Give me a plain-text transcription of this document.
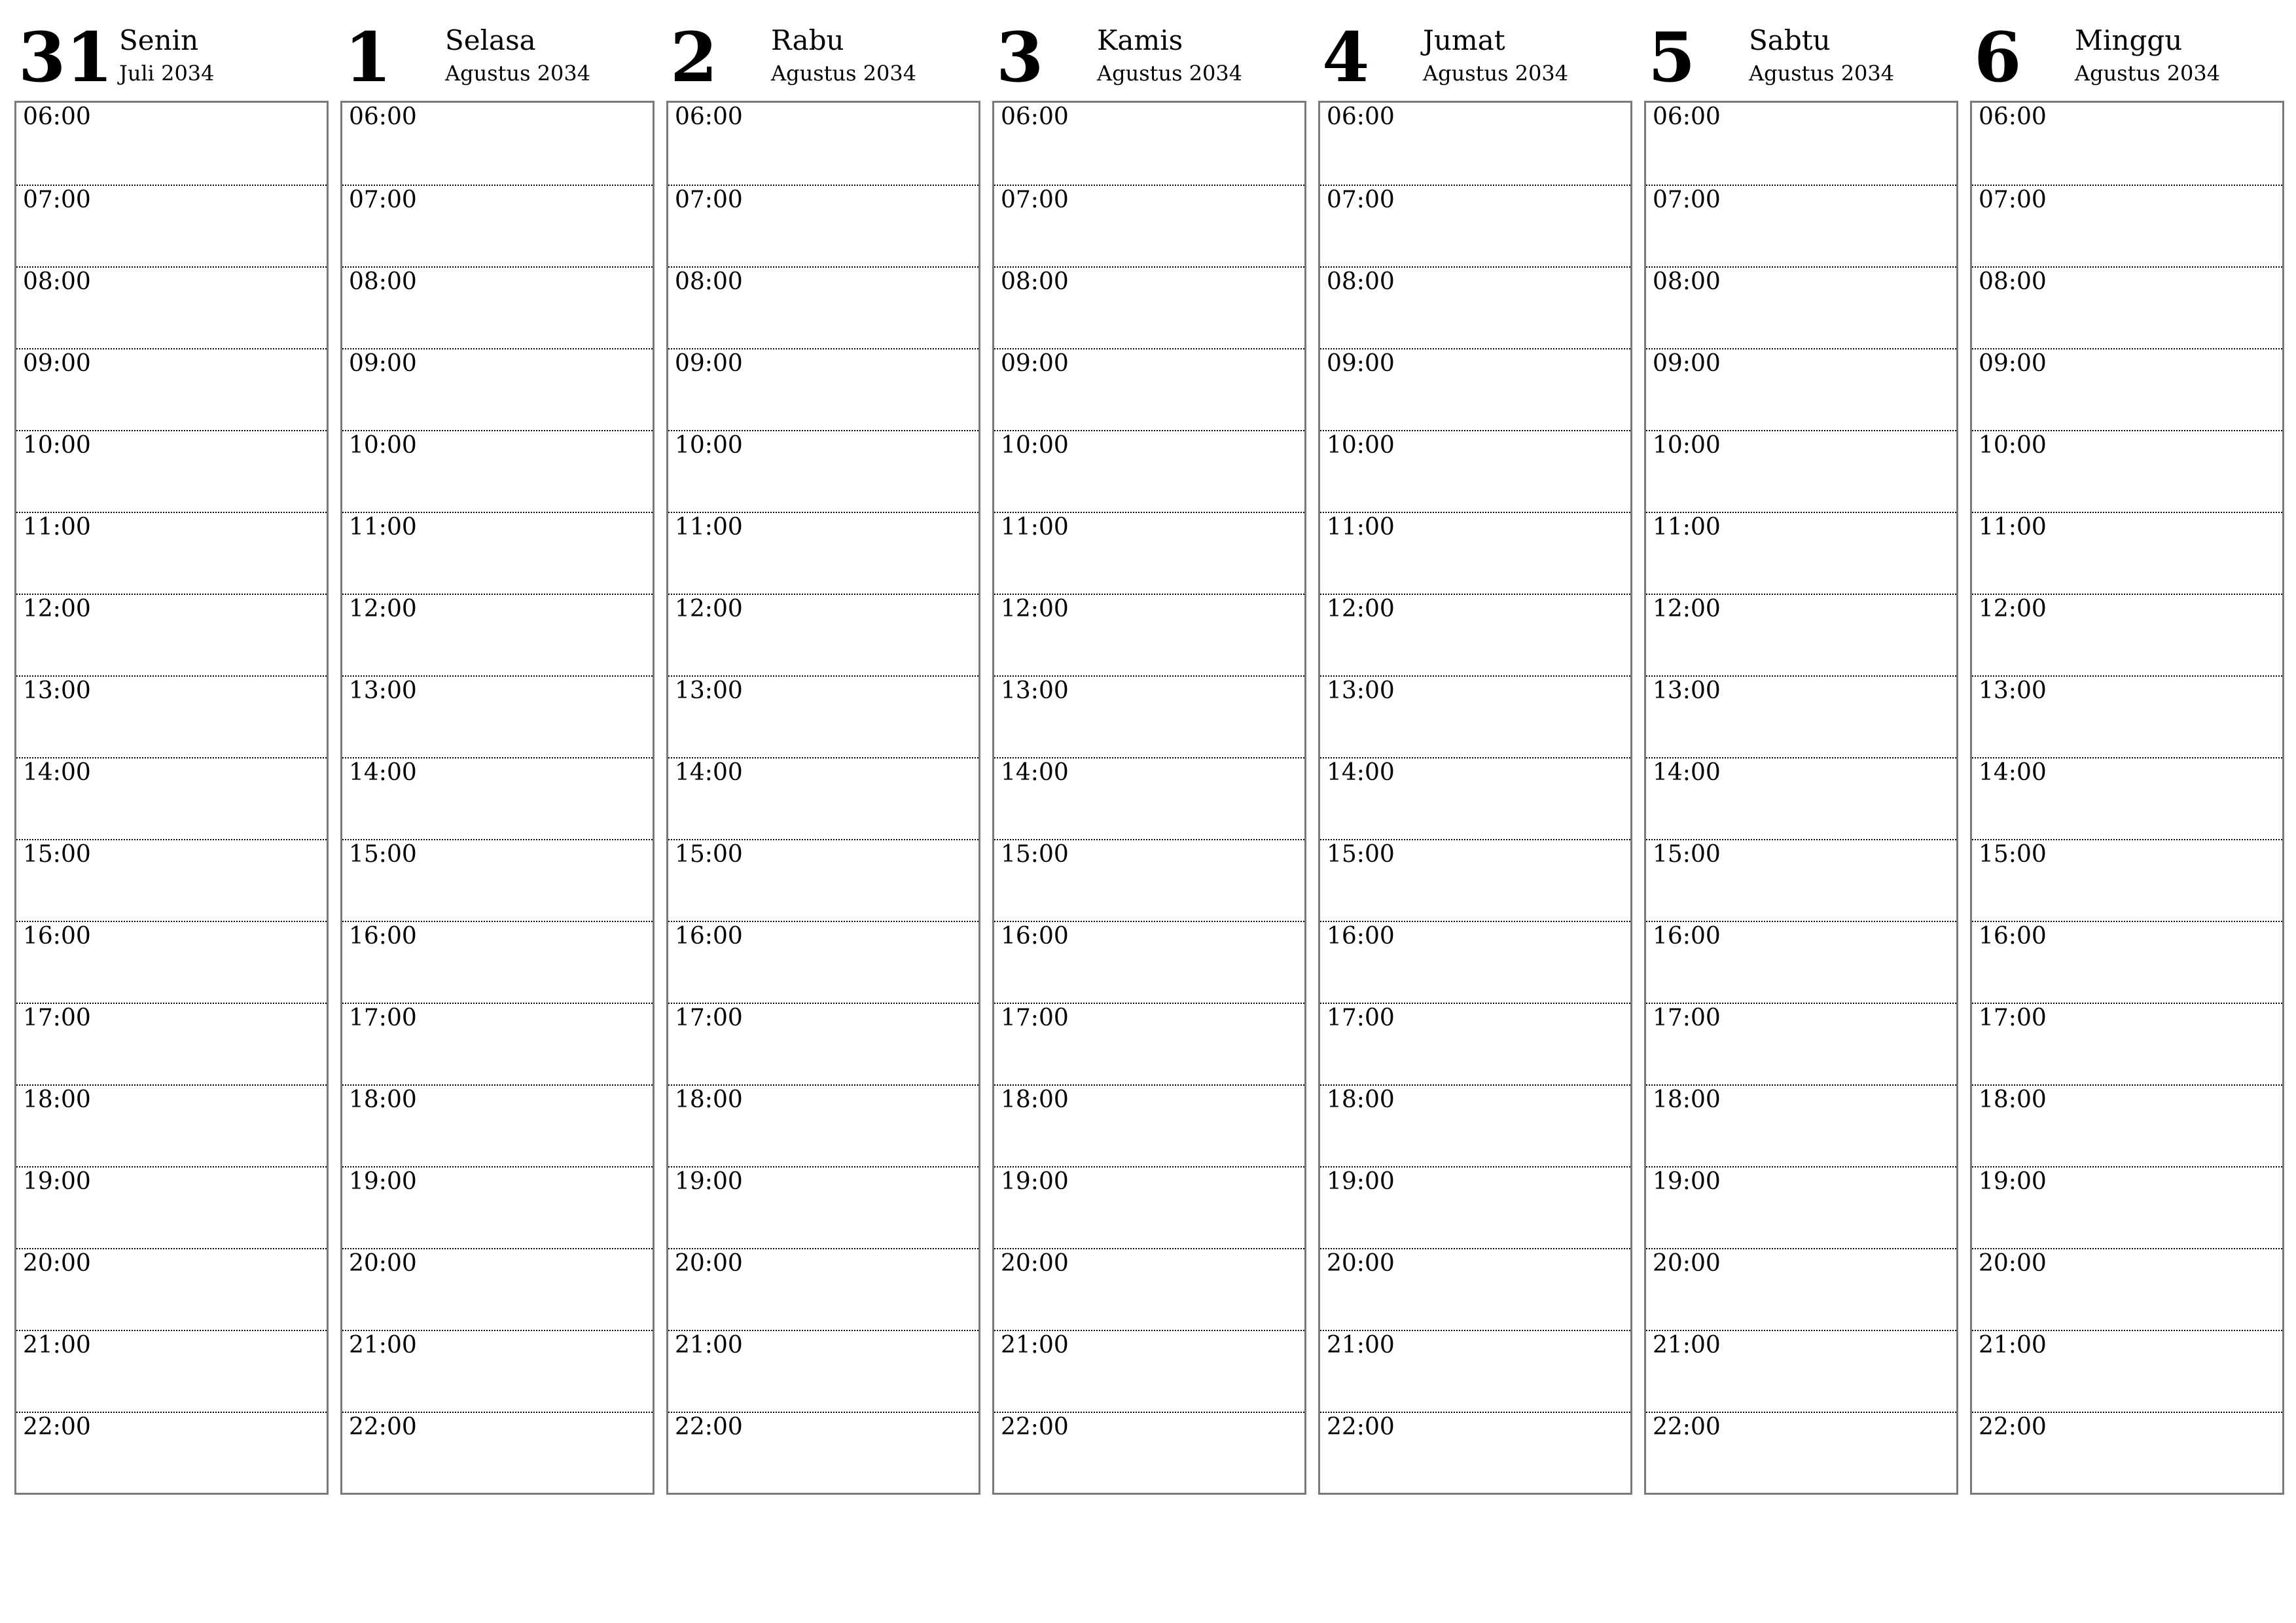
31 Senin
Juli 2034
06:00
07:00
08:00
09:00
10:00
11:00
12:00
13:00
14:00
15:00
16:00
17:00
18:00
19:00
20:00
21:00
22:00
1 Selasa
Agustus 2034
06:00
07:00
08:00
09:00
10:00
11:00
12:00
13:00
14:00
15:00
16:00
17:00
18:00
19:00
20:00
21:00
22:00
2 Rabu
Agustus 2034
06:00
07:00
08:00
09:00
10:00
11:00
12:00
13:00
14:00
15:00
16:00
17:00
18:00
19:00
20:00
21:00
22:00
3 Kamis
Agustus 2034
06:00
07:00
08:00
09:00
10:00
11:00
12:00
13:00
14:00
15:00
16:00
17:00
18:00
19:00
20:00
21:00
22:00
4 Jumat
Agustus 2034
06:00
07:00
08:00
09:00
10:00
11:00
12:00
13:00
14:00
15:00
16:00
17:00
18:00
19:00
20:00
21:00
22:00
5 Sabtu
Agustus 2034
06:00
07:00
08:00
09:00
10:00
11:00
12:00
13:00
14:00
15:00
16:00
17:00
18:00
19:00
20:00
21:00
22:00
6 Minggu
Agustus 2034
06:00
07:00
08:00
09:00
10:00
11:00
12:00
13:00
14:00
15:00
16:00
17:00
18:00
19:00
20:00
21:00
22:00
